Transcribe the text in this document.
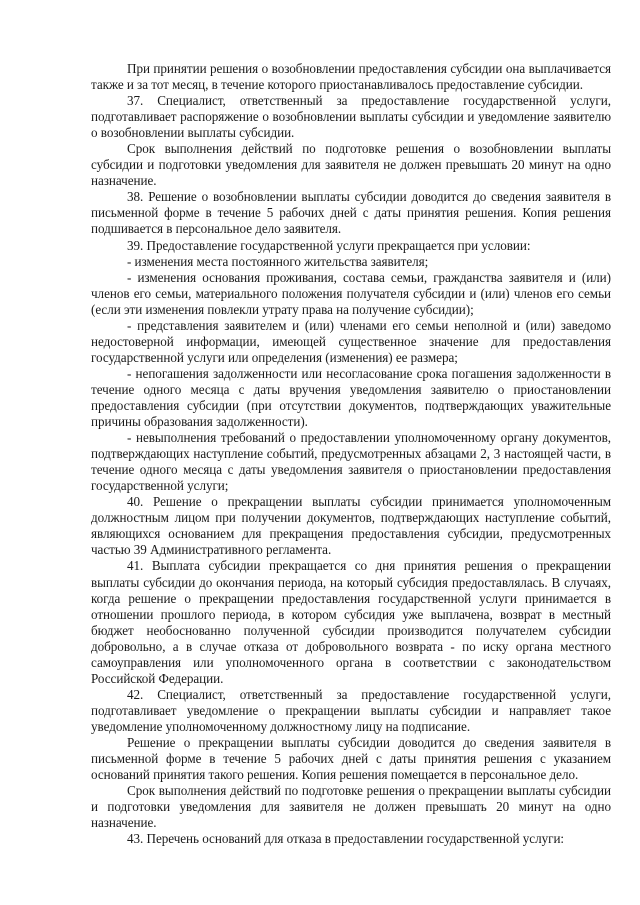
При принятии решения о возобновлении предоставления субсидии она выплачивается также и за тот месяц, в течение которого приостанавливалось предоставление субсидии.

37. Специалист, ответственный за предоставление государственной услуги, подготавливает распоряжение о возобновлении выплаты субсидии и уведомление заявителю о возобновлении выплаты субсидии.

Срок выполнения действий по подготовке решения о возобновлении выплаты субсидии и подготовки уведомления для заявителя не должен превышать 20 минут на одно назначение.

38. Решение о возобновлении выплаты субсидии доводится до сведения заявителя в письменной форме в течение 5 рабочих дней с даты принятия решения. Копия решения подшивается в персональное дело заявителя.

39. Предоставление государственной услуги прекращается при условии:

- изменения места постоянного жительства заявителя;

- изменения основания проживания, состава семьи, гражданства заявителя и (или) членов его семьи, материального положения получателя субсидии и (или) членов его семьи (если эти изменения повлекли утрату права на получение субсидии);

- представления заявителем и (или) членами его семьи неполной и (или) заведомо недостоверной информации, имеющей существенное значение для предоставления государственной услуги или определения (изменения) ее размера;

- непогашения задолженности или несогласование срока погашения задолженности в течение одного месяца с даты вручения уведомления заявителю о приостановлении предоставления субсидии (при отсутствии документов, подтверждающих уважительные причины образования задолженности).

- невыполнения требований о предоставлении уполномоченному органу документов, подтверждающих наступление событий, предусмотренных абзацами 2, 3 настоящей части, в течение одного месяца с даты уведомления заявителя о приостановлении предоставления государственной услуги;

40. Решение о прекращении выплаты субсидии принимается уполномоченным должностным лицом при получении документов, подтверждающих наступление событий, являющихся основанием для прекращения предоставления субсидии, предусмотренных частью 39 Административного регламента.

41. Выплата субсидии прекращается со дня принятия решения о прекращении выплаты субсидии до окончания периода, на который субсидия предоставлялась. В случаях, когда решение о прекращении предоставления государственной услуги принимается в отношении прошлого периода, в котором субсидия уже выплачена, возврат в местный бюджет необоснованно полученной субсидии производится получателем субсидии добровольно, а в случае отказа от добровольного возврата - по иску органа местного самоуправления или уполномоченного органа в соответствии с законодательством Российской Федерации.

42. Специалист, ответственный за предоставление государственной услуги, подготавливает уведомление о прекращении выплаты субсидии и направляет такое уведомление уполномоченному должностному лицу на подписание.

Решение о прекращении выплаты субсидии доводится до сведения заявителя в письменной форме в течение 5 рабочих дней с даты принятия решения с указанием оснований принятия такого решения. Копия решения помещается в персональное дело.

Срок выполнения действий по подготовке решения о прекращении выплаты субсидии и подготовки уведомления для заявителя не должен превышать 20 минут на одно назначение.

43. Перечень оснований для отказа в предоставлении государственной услуги:
